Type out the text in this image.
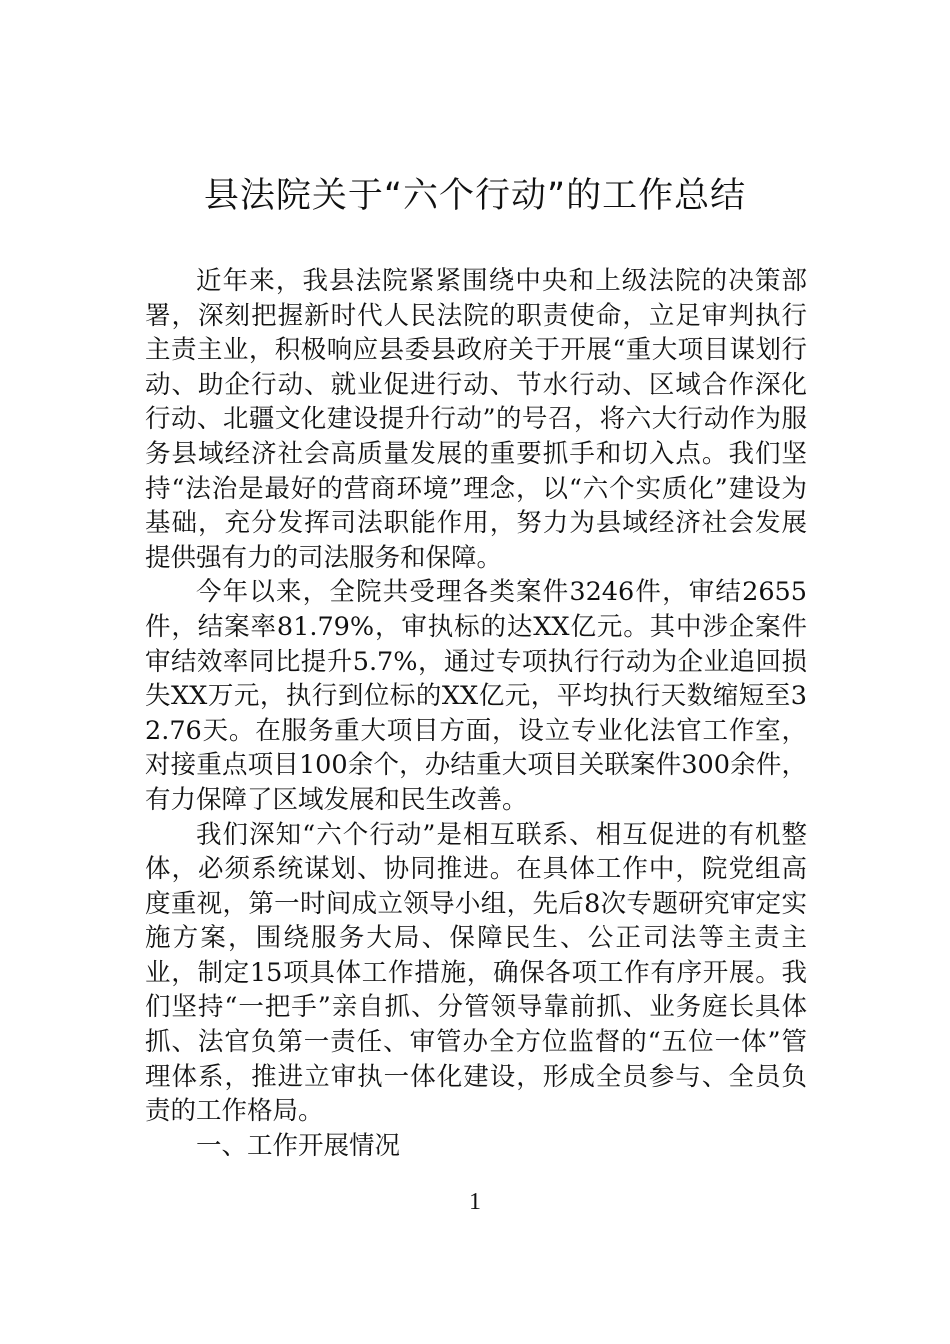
县法院关于“六个行动”的工作总结

近年来，我县法院紧紧围绕中央和上级法院的决策部署，深刻把握新时代人民法院的职责使命，立足审判执行主责主业，积极响应县委县政府关于开展“重大项目谋划行动、助企行动、就业促进行动、节水行动、区域合作深化行动、北疆文化建设提升行动”的号召，将六大行动作为服务县域经济社会高质量发展的重要抓手和切入点。我们坚持“法治是最好的营商环境”理念，以“六个实质化”建设为基础，充分发挥司法职能作用，努力为县域经济社会发展提供强有力的司法服务和保障。

今年以来，全院共受理各类案件3246件，审结2655件，结案率81.79%，审执标的达XX亿元。其中涉企案件审结效率同比提升5.7%，通过专项执行行动为企业追回损失XX万元，执行到位标的XX亿元，平均执行天数缩短至32.76天。在服务重大项目方面，设立专业化法官工作室，对接重点项目100余个，办结重大项目关联案件300余件，有力保障了区域发展和民生改善。

我们深知“六个行动”是相互联系、相互促进的有机整体，必须系统谋划、协同推进。在具体工作中，院党组高度重视，第一时间成立领导小组，先后8次专题研究审定实施方案，围绕服务大局、保障民生、公正司法等主责主业，制定15项具体工作措施，确保各项工作有序开展。我们坚持“一把手”亲自抓、分管领导靠前抓、业务庭长具体抓、法官负第一责任、审管办全方位监督的“五位一体”管理体系，推进立审执一体化建设，形成全员参与、全员负责的工作格局。

一、工作开展情况

1
